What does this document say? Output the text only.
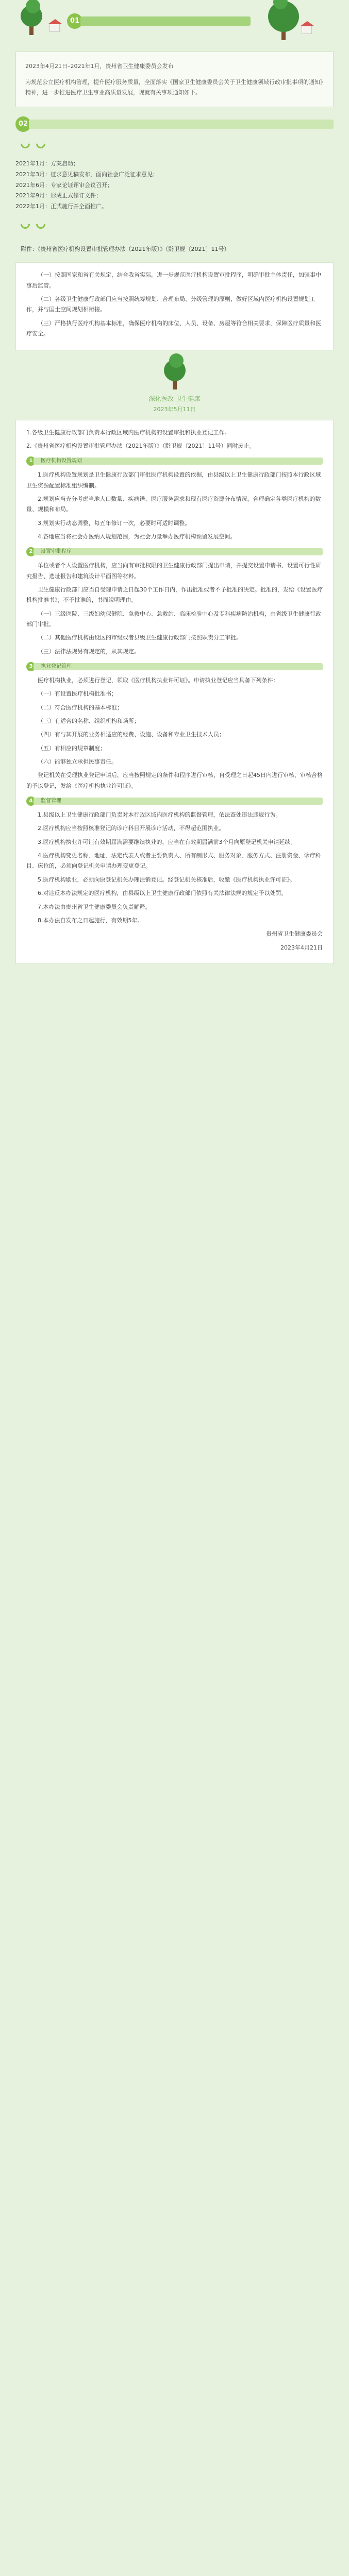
01
2023年4月21日–2021年1月，贵州省卫生健康委员会发布
为规范公立医疗机构管理，提升医疗服务质量，全面落实《国家卫生健康委员会关于卫生健康领域行政审批事项的通知》精神，进一步推进医疗卫生事业高质量发展，现就有关事项通知如下。
02

2021年1月：方案启动；

2021年3月：征求意见稿发布，面向社会广泛征求意见；

2021年6月：专家论证评审会议召开；

2021年9月：形成正式修订文件；

2022年1月：正式施行并全面推广。

附件：《贵州省医疗机构设置审批管理办法（2021年版）》（黔卫规〔2021〕11号）

（一）按照国家和省有关规定，结合我省实际，进一步规范医疗机构设置审批程序，明确审批主体责任，加强事中事后监管。

（二）各级卫生健康行政部门应当按照统筹规划、合理布局、分级管理的原则，做好区域内医疗机构设置规划工作，并与国土空间规划相衔接。

（三）严格执行医疗机构基本标准，确保医疗机构的床位、人员、设备、房屋等符合相关要求，保障医疗质量和医疗安全。

深化医改 卫生健康
2023年5月11日

1.各级卫生健康行政部门负责本行政区域内医疗机构的设置审批和执业登记工作。

2.《贵州省医疗机构设置审批管理办法（2021年版）》（黔卫规〔2021〕11号）同时废止。

1	医疗机构设置规划

1.医疗机构设置规划是卫生健康行政部门审批医疗机构设置的依据，由县级以上卫生健康行政部门按照本行政区域卫生资源配置标准组织编制。

2.规划应当充分考虑当地人口数量、疾病谱、医疗服务需求和现有医疗资源分布情况，合理确定各类医疗机构的数量、规模和布局。

3.规划实行动态调整，每五年修订一次，必要时可适时调整。

4.各地应当将社会办医纳入规划范围，为社会力量举办医疗机构预留发展空间。

2	设置审批程序

单位或者个人设置医疗机构，应当向有审批权限的卫生健康行政部门提出申请，并提交设置申请书、设置可行性研究报告、选址报告和建筑设计平面图等材料。

卫生健康行政部门应当自受理申请之日起30个工作日内，作出批准或者不予批准的决定。批准的，发给《设置医疗机构批准书》；不予批准的，书面说明理由。

（一）三级医院、三级妇幼保健院、急救中心、急救站、临床检验中心及专科疾病防治机构，由省级卫生健康行政部门审批。

（二）其他医疗机构由设区的市级或者县级卫生健康行政部门按照职责分工审批。

（三）法律法规另有规定的，从其规定。

3	执业登记管理

医疗机构执业，必须进行登记，领取《医疗机构执业许可证》。申请执业登记应当具备下列条件：

（一）有设置医疗机构批准书；

（二）符合医疗机构的基本标准；

（三）有适合的名称、组织机构和场所；

（四）有与其开展的业务相适应的经费、设施、设备和专业卫生技术人员；

（五）有相应的规章制度；

（六）能够独立承担民事责任。

登记机关在受理执业登记申请后，应当按照规定的条件和程序进行审核，自受理之日起45日内进行审核，审核合格的予以登记，发给《医疗机构执业许可证》。

4	监督管理

1.县级以上卫生健康行政部门负责对本行政区域内医疗机构的监督管理，依法查处违法违规行为。

2.医疗机构应当按照核准登记的诊疗科目开展诊疗活动，不得超范围执业。

3.医疗机构执业许可证有效期届满需要继续执业的，应当在有效期届满前3个月向原登记机关申请延续。

4.医疗机构变更名称、地址、法定代表人或者主要负责人、所有制形式、服务对象、服务方式、注册资金、诊疗科目、床位的，必须向登记机关申请办理变更登记。

5.医疗机构歇业，必须向原登记机关办理注销登记。经登记机关核准后，收缴《医疗机构执业许可证》。

6.对违反本办法规定的医疗机构，由县级以上卫生健康行政部门依照有关法律法规的规定予以处罚。

7.本办法由贵州省卫生健康委员会负责解释。

8.本办法自发布之日起施行，有效期5年。

贵州省卫生健康委员会

2023年4月21日
